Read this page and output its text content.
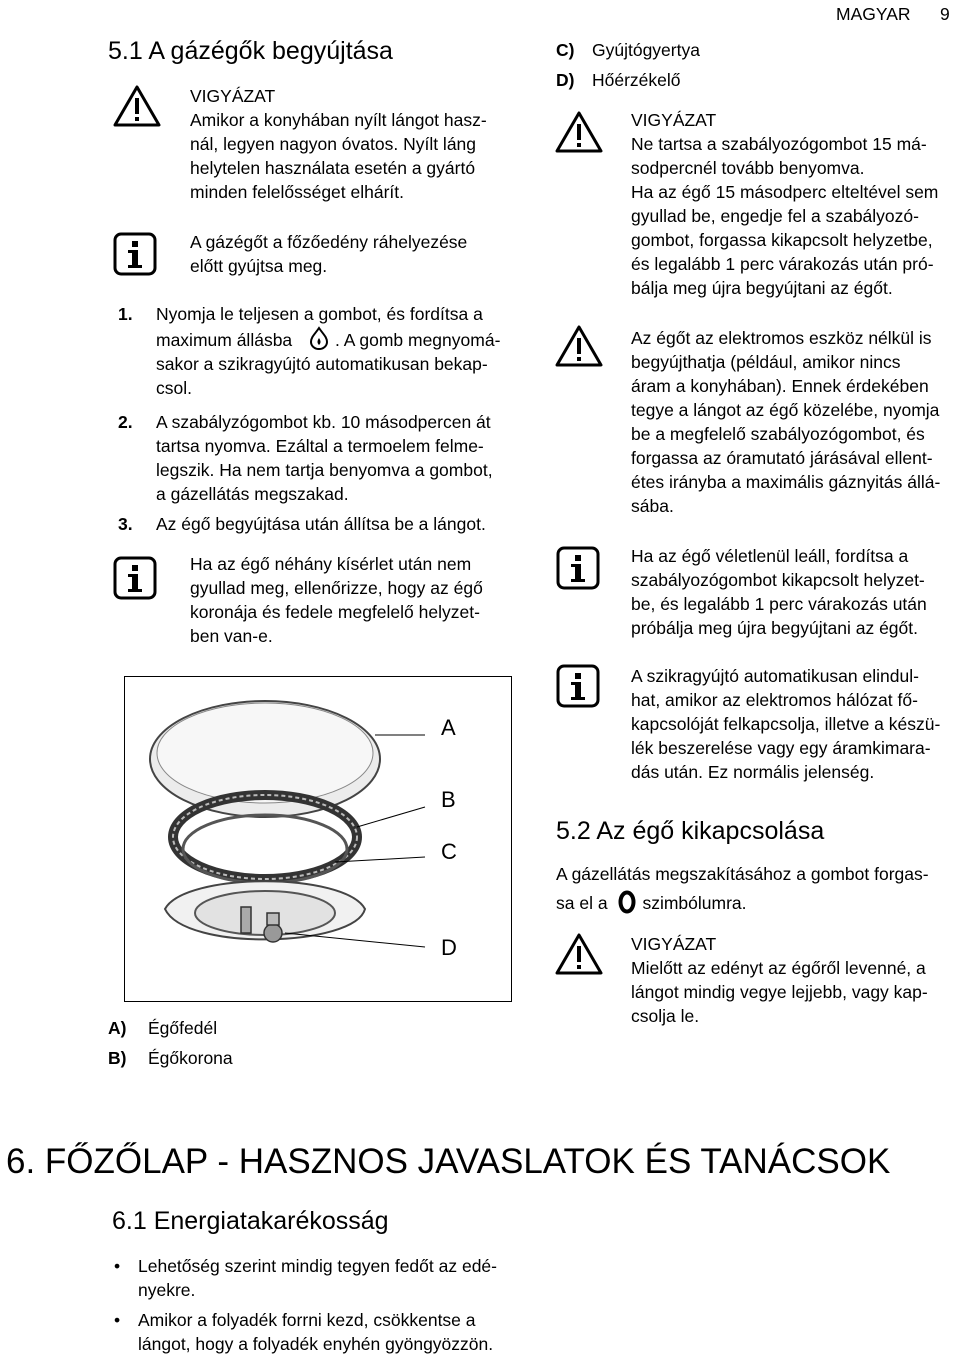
MAGYAR 9
5.1 A gázégők begyújtása
VIGYÁZAT
Amikor a konyhában nyílt lángot hasz-
nál, legyen nagyon óvatos. Nyílt láng
helytelen használata esetén a gyártó
minden felelősséget elhárít.
A gázégőt a főzőedény ráhelyezése
előtt gyújtsa meg.
1. Nyomja le teljesen a gombot, és fordítsa a
maximum állásba . A gomb megnyomá-
sakor a szikragyújtó automatikusan bekap-
csol.
2. A szabályzógombot kb. 10 másodpercen át
tartsa nyomva. Ezáltal a termoelem felme-
legszik. Ha nem tartja benyomva a gombot,
a gázellátás megszakad.
3. Az égő begyújtása után állítsa be a lángot.
Ha az égő néhány kísérlet után nem
gyullad meg, ellenőrizze, hogy az égő
koronája és fedele megfelelő helyzet-
ben van-e.
A
B
C
D
A) Égőfedél
B) Égőkorona
C) Gyújtógyertya
D) Hőérzékelő
VIGYÁZAT
Ne tartsa a szabályozógombot 15 má-
sodpercnél tovább benyomva.
Ha az égő 15 másodperc elteltével sem
gyullad be, engedje fel a szabályozó-
gombot, forgassa kikapcsolt helyzetbe,
és legalább 1 perc várakozás után pró-
bálja meg újra begyújtani az égőt.
Az égőt az elektromos eszköz nélkül is
begyújthatja (például, amikor nincs
áram a konyhában). Ennek érdekében
tegye a lángot az égő közelébe, nyomja
be a megfelelő szabályozógombot, és
forgassa az óramutató járásával ellent-
étes irányba a maximális gáznyitás állá-
sába.
Ha az égő véletlenül leáll, fordítsa a
szabályozógombot kikapcsolt helyzet-
be, és legalább 1 perc várakozás után
próbálja meg újra begyújtani az égőt.
A szikragyújtó automatikusan elindul-
hat, amikor az elektromos hálózat fő-
kapcsolóját felkapcsolja, illetve a készü-
lék beszerelése vagy egy áramkimara-
dás után. Ez normális jelenség.
5.2 Az égő kikapcsolása
A gázellátás megszakításához a gombot forgas-
sa el a szimbólumra.
VIGYÁZAT
Mielőtt az edényt az égőről levenné, a
lángot mindig vegye lejjebb, vagy kap-
csolja le.
6. FŐZŐLAP - HASZNOS JAVASLATOK ÉS TANÁCSOK
6.1 Energiatakarékosság
• Lehetőség szerint mindig tegyen fedőt az edé-
nyekre.
• Amikor a folyadék forrni kezd, csökkentse a
lángot, hogy a folyadék enyhén gyöngyözzön.
